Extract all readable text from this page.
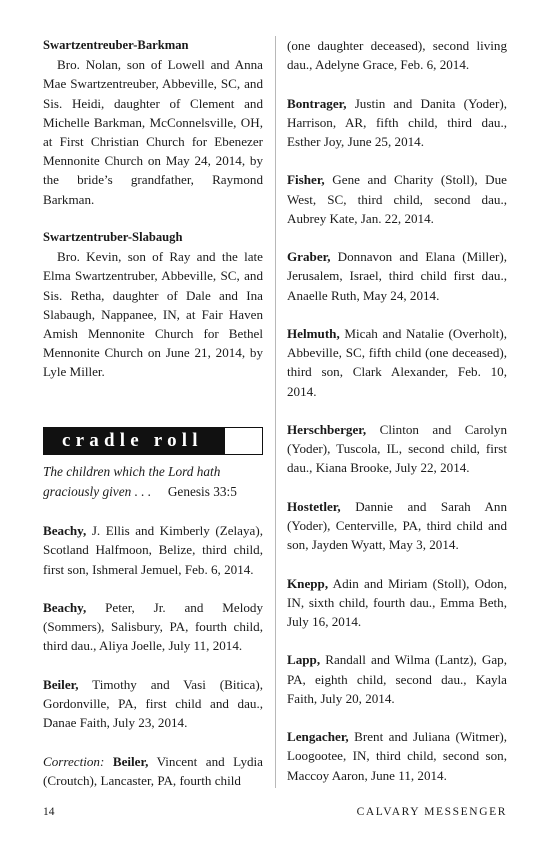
Swartzentreuber-Barkman

Bro. Nolan, son of Lowell and Anna Mae Swartzentreuber, Abbeville, SC, and Sis. Heidi, daughter of Clement and Michelle Barkman, McConnelsville, OH, at First Christian Church for Ebenezer Mennonite Church on May 24, 2014, by the bride’s grandfather, Raymond Barkman.

Swartzentruber-Slabaugh

Bro. Kevin, son of Ray and the late Elma Swartzentruber, Abbeville, SC, and Sis. Retha, daughter of Dale and Ina Slabaugh, Nappanee, IN, at Fair Haven Amish Mennonite Church for Bethel Mennonite Church on June 21, 2014, by Lyle Miller.

cradle roll

The children which the Lord hath graciously given . . . Genesis 33:5

Beachy, J. Ellis and Kimberly (Zelaya), Scotland Halfmoon, Belize, third child, first son, Ishmeral Jemuel, Feb. 6, 2014.

Beachy, Peter, Jr. and Melody (Sommers), Salisbury, PA, fourth child, third dau., Aliya Joelle, July 11, 2014.

Beiler, Timothy and Vasi (Bitica), Gordonville, PA, first child and dau., Danae Faith, July 23, 2014.

Correction: Beiler, Vincent and Lydia (Croutch), Lancaster, PA, fourth child

(one daughter deceased), second living dau., Adelyne Grace, Feb. 6, 2014.

Bontrager, Justin and Danita (Yoder), Harrison, AR, fifth child, third dau., Esther Joy, June 25, 2014.

Fisher, Gene and Charity (Stoll), Due West, SC, third child, second dau., Aubrey Kate, Jan. 22, 2014.

Graber, Donnavon and Elana (Miller), Jerusalem, Israel, third child first dau., Anaelle Ruth, May 24, 2014.

Helmuth, Micah and Natalie (Overholt), Abbeville, SC, fifth child (one deceased), third son, Clark Alexander, Feb. 10, 2014.

Herschberger, Clinton and Carolyn (Yoder), Tuscola, IL, second child, first dau., Kiana Brooke, July 22, 2014.

Hostetler, Dannie and Sarah Ann (Yoder), Centerville, PA, third child and son, Jayden Wyatt, May 3, 2014.

Knepp, Adin and Miriam (Stoll), Odon, IN, sixth child, fourth dau., Emma Beth, July 16, 2014.

Lapp, Randall and Wilma (Lantz), Gap, PA, eighth child, second dau., Kayla Faith, July 20, 2014.

Lengacher, Brent and Juliana (Witmer), Loogootee, IN, third child, second son, Maccoy Aaron, June 11, 2014.

14	CALVARY MESSENGER
